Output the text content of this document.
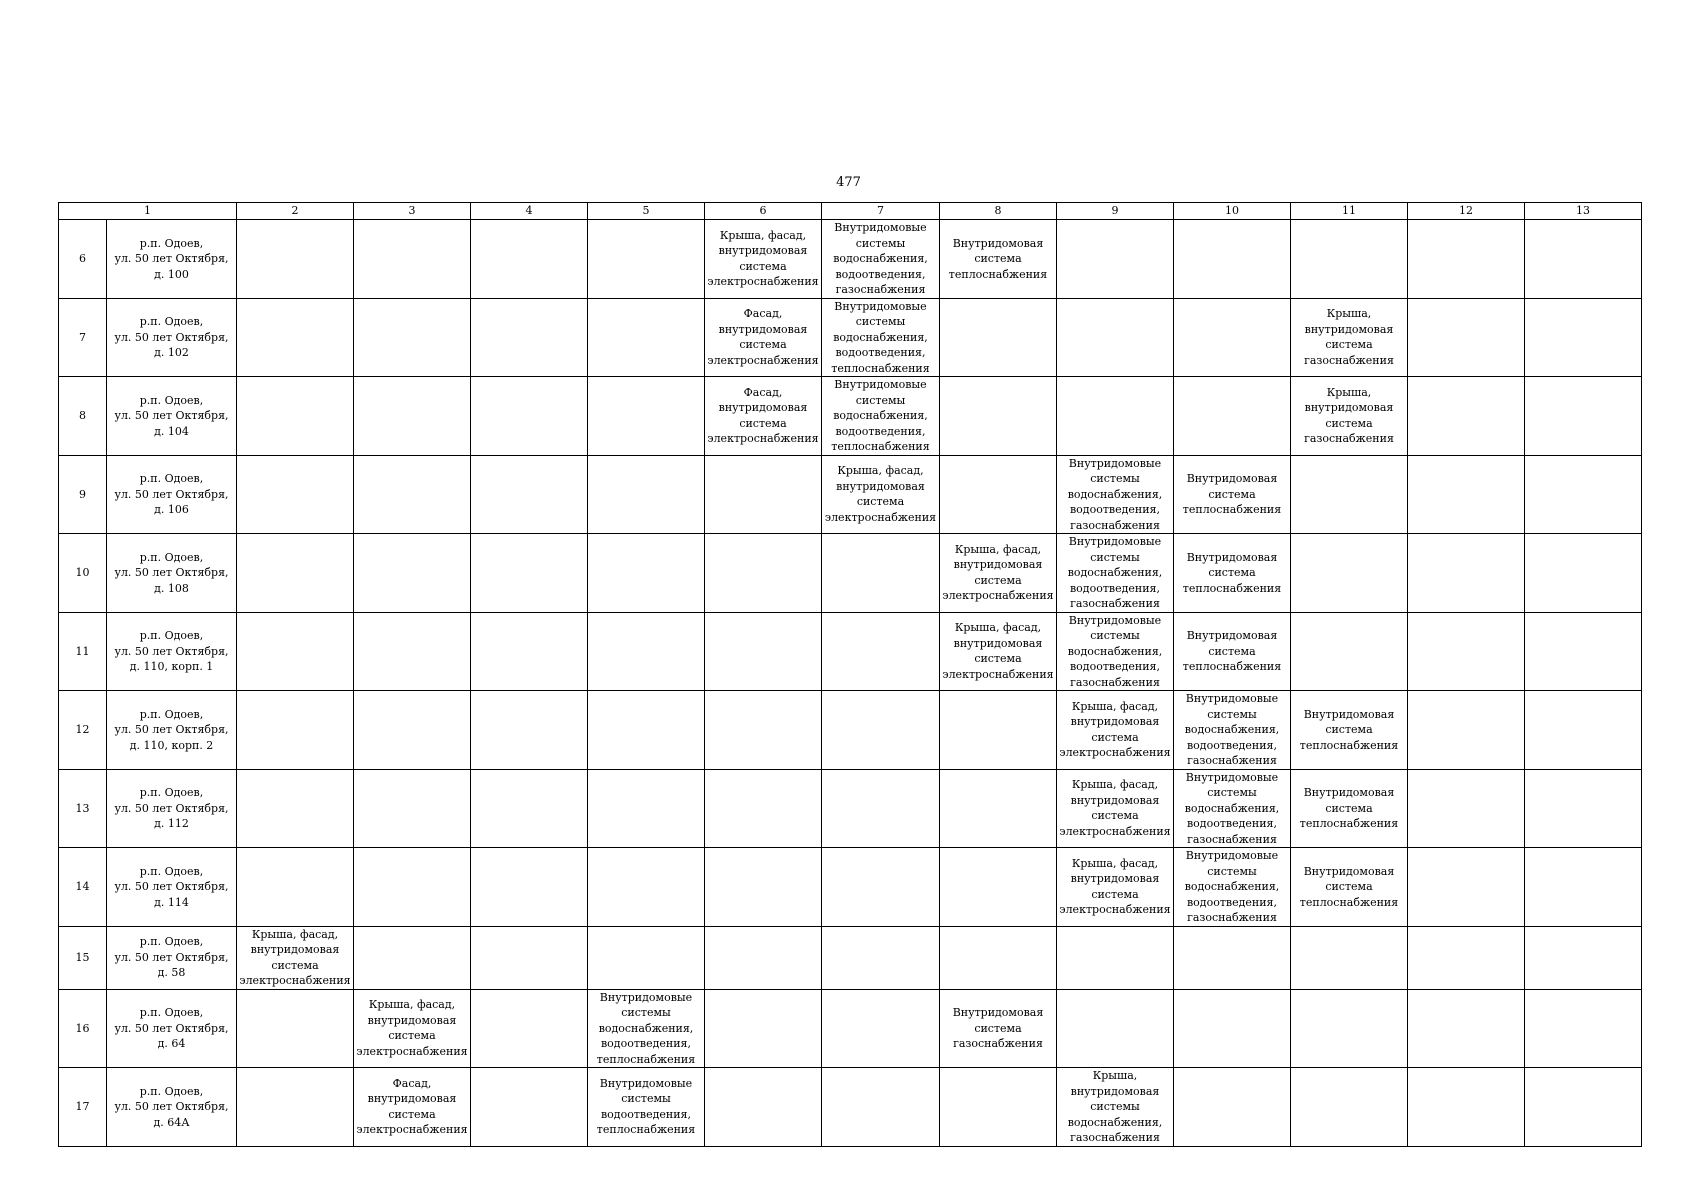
477
1		2	3	4	5	6	7	8	9	10	11	12	13
6	р.п. Одоев,
ул. 50 лет Октября,
д. 100					Крыша, фасад,
внутридомовая
система
электроснабжения	Внутридомовые
системы
водоснабжения,
водоотведения,
газоснабжения	Внутридомовая
система
теплоснабжения					
7	р.п. Одоев,
ул. 50 лет Октября,
д. 102					Фасад,
внутридомовая
система
электроснабжения	Внутридомовые
системы
водоснабжения,
водоотведения,
теплоснабжения				Крыша,
внутридомовая
система
газоснабжения		
8	р.п. Одоев,
ул. 50 лет Октября,
д. 104					Фасад,
внутридомовая
система
электроснабжения	Внутридомовые
системы
водоснабжения,
водоотведения,
теплоснабжения				Крыша,
внутридомовая
система
газоснабжения		
9	р.п. Одоев,
ул. 50 лет Октября,
д. 106						Крыша, фасад,
внутридомовая
система
электроснабжения		Внутридомовые
системы
водоснабжения,
водоотведения,
газоснабжения	Внутридомовая
система
теплоснабжения			
10	р.п. Одоев,
ул. 50 лет Октября,
д. 108							Крыша, фасад,
внутридомовая
система
электроснабжения	Внутридомовые
системы
водоснабжения,
водоотведения,
газоснабжения	Внутридомовая
система
теплоснабжения			
11	р.п. Одоев,
ул. 50 лет Октября,
д. 110, корп. 1							Крыша, фасад,
внутридомовая
система
электроснабжения	Внутридомовые
системы
водоснабжения,
водоотведения,
газоснабжения	Внутридомовая
система
теплоснабжения			
12	р.п. Одоев,
ул. 50 лет Октября,
д. 110, корп. 2								Крыша, фасад,
внутридомовая
система
электроснабжения	Внутридомовые
системы
водоснабжения,
водоотведения,
газоснабжения	Внутридомовая
система
теплоснабжения		
13	р.п. Одоев,
ул. 50 лет Октября,
д. 112								Крыша, фасад,
внутридомовая
система
электроснабжения	Внутридомовые
системы
водоснабжения,
водоотведения,
газоснабжения	Внутридомовая
система
теплоснабжения		
14	р.п. Одоев,
ул. 50 лет Октября,
д. 114								Крыша, фасад,
внутридомовая
система
электроснабжения	Внутридомовые
системы
водоснабжения,
водоотведения,
газоснабжения	Внутридомовая
система
теплоснабжения		
15	р.п. Одоев,
ул. 50 лет Октября,
д. 58	Крыша, фасад,
внутридомовая
система
электроснабжения											
16	р.п. Одоев,
ул. 50 лет Октября,
д. 64		Крыша, фасад,
внутридомовая
система
электроснабжения		Внутридомовые
системы
водоснабжения,
водоотведения,
теплоснабжения			Внутридомовая
система
газоснабжения					
17	р.п. Одоев,
ул. 50 лет Октября,
д. 64А		Фасад,
внутридомовая
система
электроснабжения		Внутридомовые
системы
водоотведения,
теплоснабжения				Крыша,
внутридомовая
системы
водоснабжения,
газоснабжения				
